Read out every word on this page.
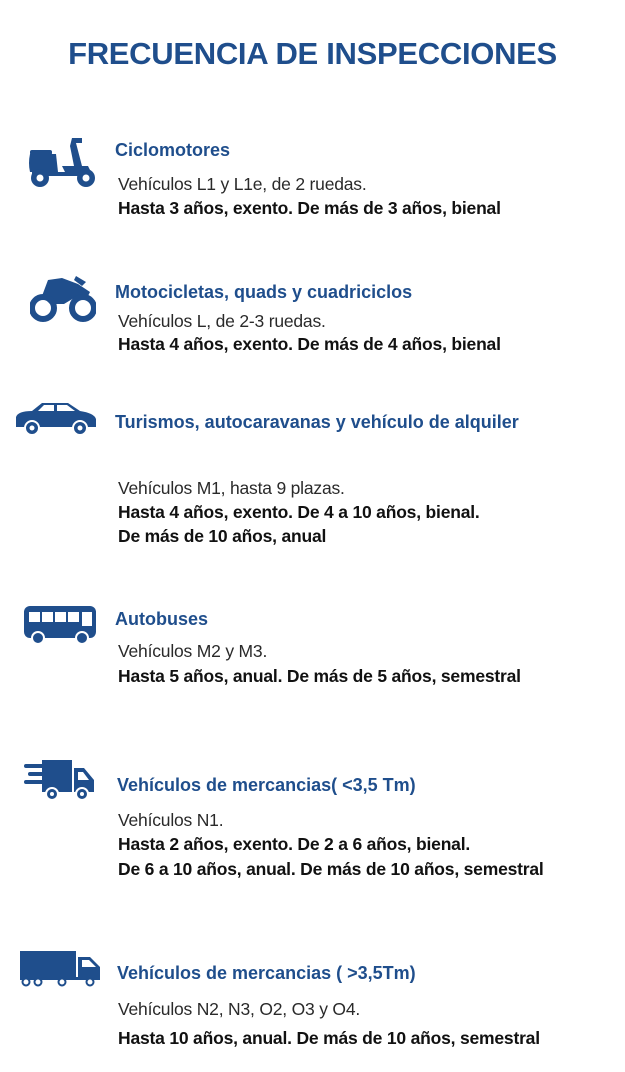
FRECUENCIA DE INSPECCIONES
Ciclomotores
Vehículos L1 y L1e, de 2 ruedas.
Hasta 3 años, exento. De más de 3 años, bienal
Motocicletas, quads y cuadriciclos
Vehículos L, de 2-3 ruedas.
Hasta 4 años, exento. De más de 4 años, bienal
Turismos, autocaravanas y vehículo de alquiler
Vehículos M1, hasta 9 plazas.
Hasta 4 años, exento. De 4 a 10 años, bienal.
De más de 10 años, anual
Autobuses
Vehículos M2 y M3.
Hasta 5 años, anual. De más de 5 años, semestral
Vehículos de mercancias( <3,5 Tm)
Vehículos N1.
Hasta 2 años, exento. De 2 a 6 años, bienal.
De 6 a 10 años, anual. De más de 10 años, semestral
Vehículos de mercancias ( >3,5Tm)
Vehículos N2, N3, O2, O3 y O4.
Hasta 10 años, anual. De más de 10 años, semestral
